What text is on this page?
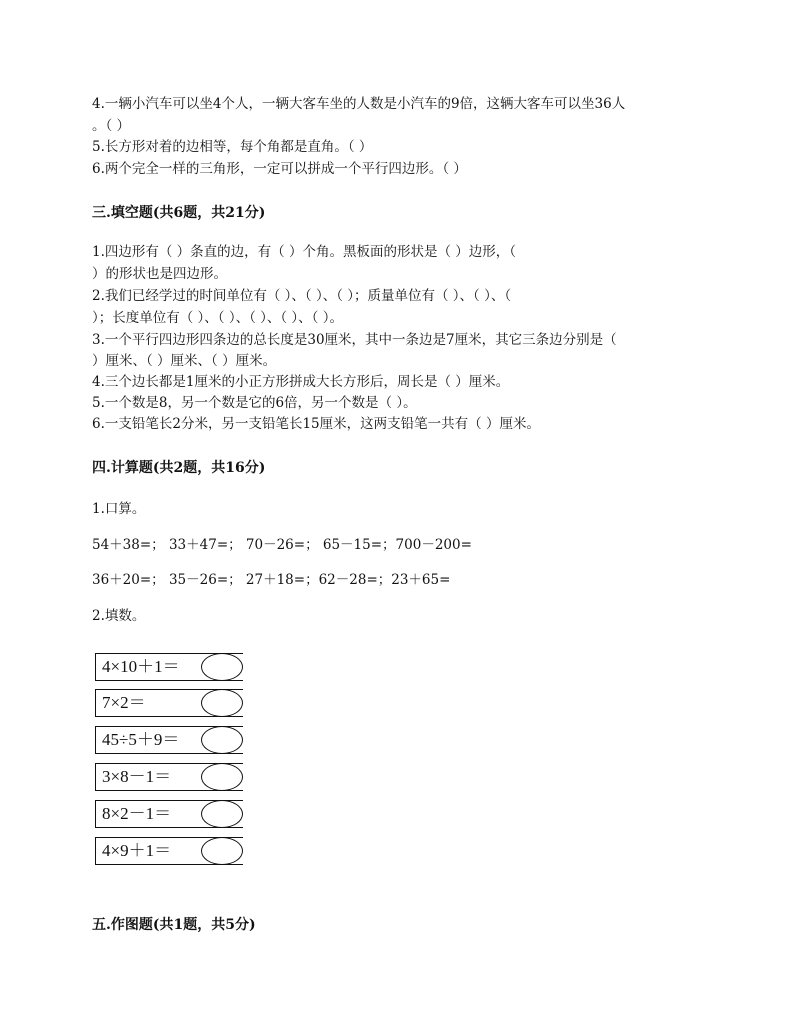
4.一辆小汽车可以坐4个人，一辆大客车坐的人数是小汽车的9倍，这辆大客车可以坐36人
。（ ）
5.长方形对着的边相等，每个角都是直角。（ ）
6.两个完全一样的三角形，一定可以拼成一个平行四边形。（ ）
三.填空题(共6题，共21分)
1.四边形有（ ）条直的边，有（ ）个角。黑板面的形状是（ ）边形，（
）的形状也是四边形。
2.我们已经学过的时间单位有（ ）、（ ）、（ ）；质量单位有（ ）、（ ）、（
）；长度单位有（ ）、（ ）、（ ）、（ ）、（ ）。
3.一个平行四边形四条边的总长度是30厘米，其中一条边是7厘米，其它三条边分别是（
）厘米、（ ）厘米、（ ）厘米。
4.三个边长都是1厘米的小正方形拼成大长方形后，周长是（ ）厘米。
5.一个数是8，另一个数是它的6倍，另一个数是（ ）。
6.一支铅笔长2分米，另一支铅笔长15厘米，这两支铅笔一共有（ ）厘米。
四.计算题(共2题，共16分)
1.口算。
54＋38=； 33＋47=； 70－26=； 65－15=；700－200=
36＋20=； 35－26=； 27＋18=；62－28=；23＋65=
2.填数。
4×10＋1＝
7×2＝
45÷5＋9＝
3×8－1＝
8×2－1＝
4×9＋1＝
五.作图题(共1题，共5分)
